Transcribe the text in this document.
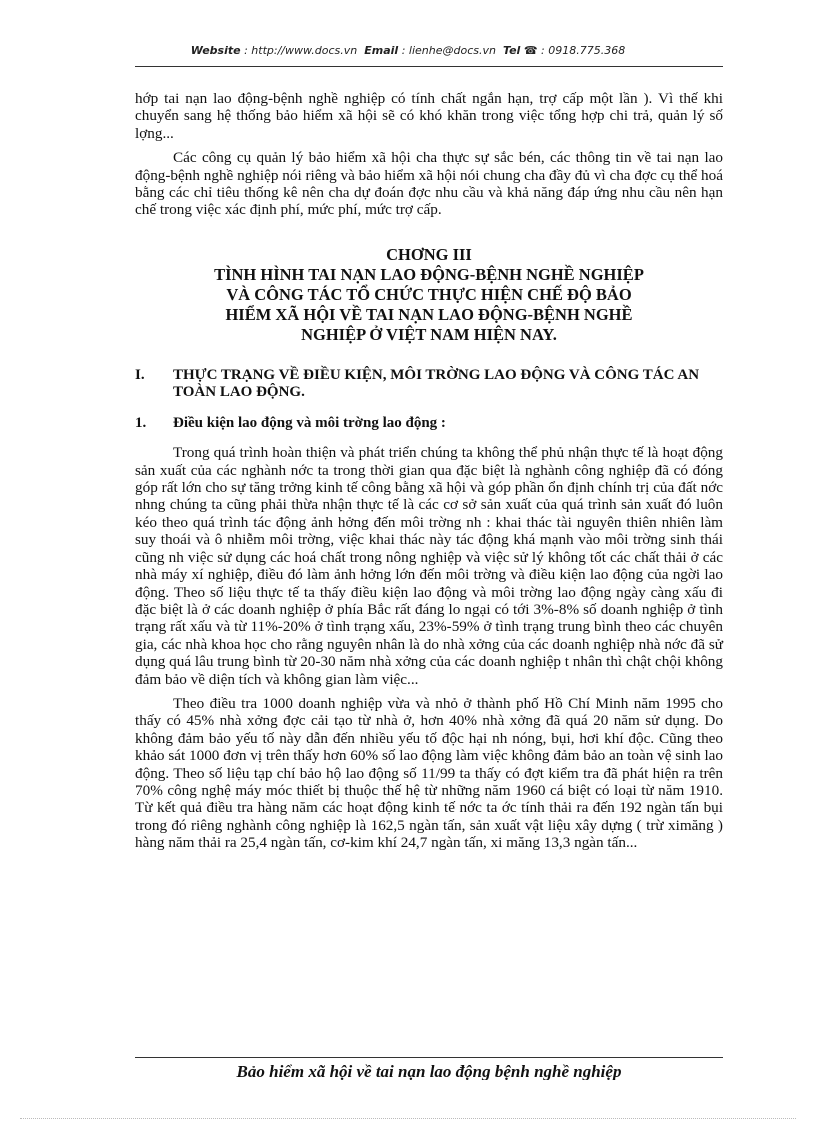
Website : http://www.docs.vn Email : lienhe@docs.vn Tel ☎ : 0918.775.368

hớp tai nạn lao động-bệnh nghề nghiệp có tính chất ngắn hạn, trợ cấp một lần ). Vì thế khi chuyển sang hệ thống bảo hiểm xã hội sẽ có khó khăn trong việc tổng hợp chi trả, quản lý số lợng...

Các công cụ quản lý bảo hiểm xã hội cha thực sự sắc bén, các thông tin về tai nạn lao động-bệnh nghề nghiệp nói riêng và bảo hiểm xã hội nói chung cha đầy đủ vì cha đợc cụ thể hoá bằng các chỉ tiêu thống kê nên cha dự đoán đợc nhu cầu và khả năng đáp ứng nhu cầu nên hạn chế trong việc xác định phí, mức phí, mức trợ cấp.

CHƠNG III
TÌNH HÌNH TAI NẠN LAO ĐỘNG-BỆNH NGHỀ NGHIỆP
VÀ CÔNG TÁC TỔ CHỨC THỰC HIỆN CHẾ ĐỘ BẢO
HIỂM XÃ HỘI VỀ TAI NẠN LAO ĐỘNG-BỆNH NGHỀ
NGHIỆP Ở VIỆT NAM HIỆN NAY.
I.	THỰC TRẠNG VỀ ĐIỀU KIỆN, MÔI TRỜNG LAO ĐỘNG VÀ CÔNG TÁC AN TOÀN LAO ĐỘNG.
1.	Điều kiện lao động và môi trờng lao động :

Trong quá trình hoàn thiện và phát triển chúng ta không thể phủ nhận thực tế là hoạt động sản xuất của các nghành nớc ta trong thời gian qua đặc biệt là nghành công nghiệp đã có đóng góp rất lớn cho sự tăng trởng kinh tế công bằng xã hội và góp phần ổn định chính trị của đất nớc nhng chúng ta cũng phải thừa nhận thực tế là các cơ sở sản xuất của quá trình sản xuất đó luôn kéo theo quá trình tác động ảnh hởng đến môi trờng nh : khai thác tài nguyên thiên nhiên làm suy thoái và ô nhiễm môi trờng, việc khai thác này tác động khá mạnh vào môi trờng sinh thái cũng nh việc sử dụng các hoá chất trong nông nghiệp và việc sử lý không tốt các chất thải ở các nhà máy xí nghiệp, điều đó làm ảnh hởng lớn đến môi trờng và điều kiện lao động của ngời lao động. Theo số liệu thực tế ta thấy điều kiện lao động và môi trờng lao động ngày càng xấu đi đặc biệt là ở các doanh nghiệp ở phía Bắc rất đáng lo ngại có tới 3%-8% số doanh nghiệp ở tình trạng rất xấu và từ 11%-20% ở tình trạng xấu, 23%-59% ở tình trạng trung bình theo các chuyên gia, các nhà khoa học cho rằng nguyên nhân là do nhà xởng của các doanh nghiệp nhà nớc đã sử dụng quá lâu trung bình từ 20-30 năm nhà xởng của các doanh nghiệp t nhân thì chật chội không đảm bảo về diện tích và không gian làm việc...

Theo điều tra 1000 doanh nghiệp vừa và nhỏ ở thành phố Hồ Chí Minh năm 1995 cho thấy có 45% nhà xởng đợc cải tạo từ nhà ở, hơn 40% nhà xởng đã quá 20 năm sử dụng. Do không đảm bảo yếu tố này dẫn đến nhiều yếu tố độc hại nh nóng, bụi, hơi khí độc. Cũng theo khảo sát 1000 đơn vị trên thấy hơn 60% số lao động làm việc không đảm bảo an toàn vệ sinh lao động. Theo số liệu tạp chí bảo hộ lao động số 11/99 ta thấy có đợt kiểm tra đã phát hiện ra trên 70% công nghệ máy móc thiết bị thuộc thế hệ từ những năm 1960 cá biệt có loại từ năm 1910. Từ kết quả điều tra hàng năm các hoạt động kinh tế nớc ta ớc tính thải ra đến 192 ngàn tấn bụi trong đó riêng nghành công nghiệp là 162,5 ngàn tấn, sản xuất vật liệu xây dựng ( trừ ximăng ) hàng năm thải ra 25,4 ngàn tấn, cơ-kim khí 24,7 ngàn tấn, xi măng 13,3 ngàn tấn...

Bảo hiểm xã hội về tai nạn lao động bệnh nghề nghiệp
